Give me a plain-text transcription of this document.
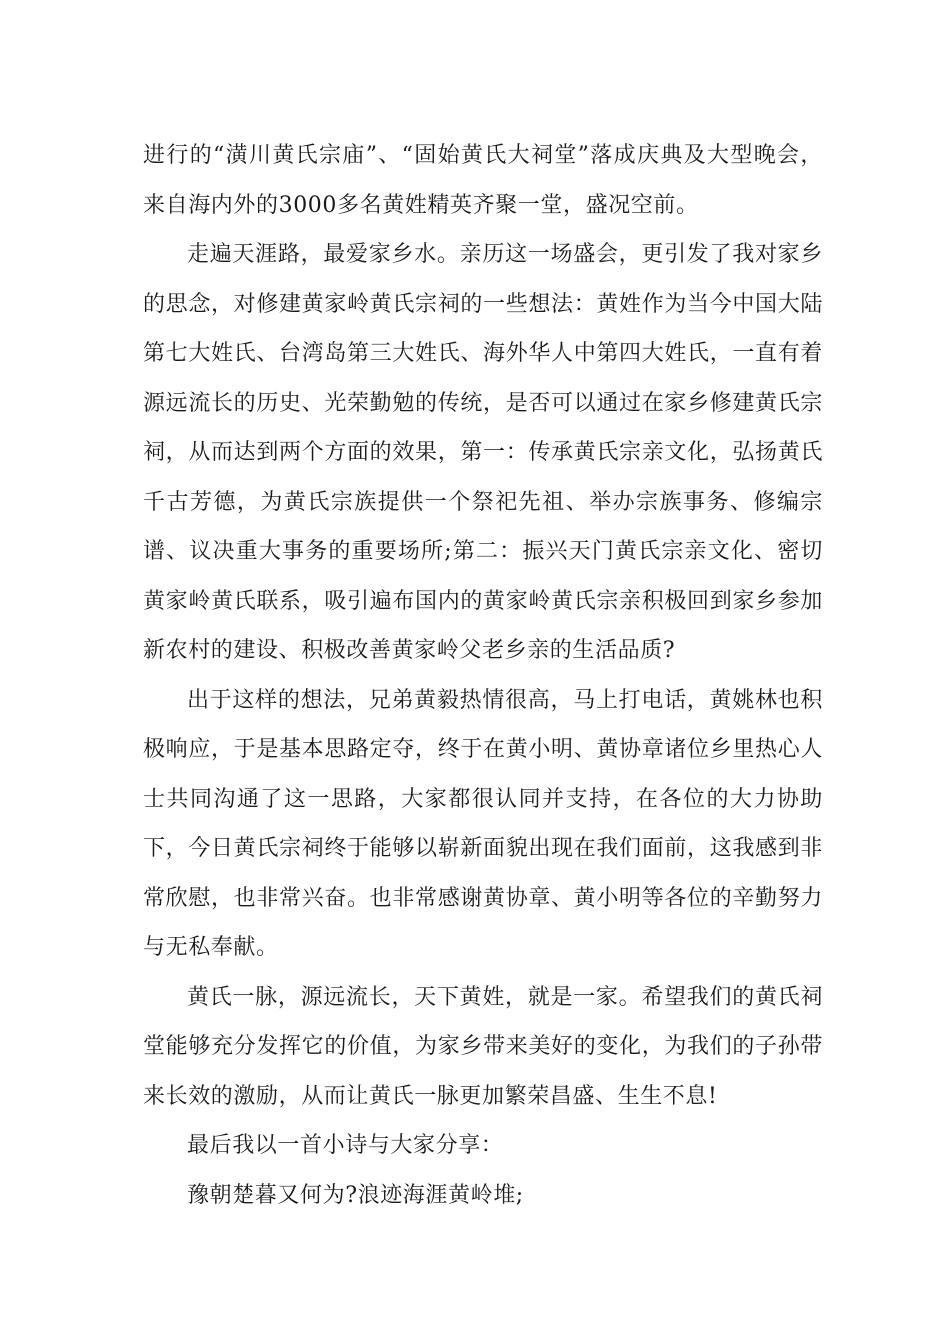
进行的“潢川黄氏宗庙”、“固始黄氏大祠堂”落成庆典及大型晚会，来自海内外的3000多名黄姓精英齐聚一堂，盛况空前。

走遍天涯路，最爱家乡水。亲历这一场盛会，更引发了我对家乡的思念，对修建黄家岭黄氏宗祠的一些想法：黄姓作为当今中国大陆第七大姓氏、台湾岛第三大姓氏、海外华人中第四大姓氏，一直有着源远流长的历史、光荣勤勉的传统，是否可以通过在家乡修建黄氏宗祠，从而达到两个方面的效果，第一：传承黄氏宗亲文化，弘扬黄氏千古芳德，为黄氏宗族提供一个祭祀先祖、举办宗族事务、修编宗谱、议决重大事务的重要场所;第二：振兴天门黄氏宗亲文化、密切黄家岭黄氏联系，吸引遍布国内的黄家岭黄氏宗亲积极回到家乡参加新农村的建设、积极改善黄家岭父老乡亲的生活品质?

出于这样的想法，兄弟黄毅热情很高，马上打电话，黄姚林也积极响应，于是基本思路定夺，终于在黄小明、黄协章诸位乡里热心人士共同沟通了这一思路，大家都很认同并支持，在各位的大力协助下，今日黄氏宗祠终于能够以崭新面貌出现在我们面前，这我感到非常欣慰，也非常兴奋。也非常感谢黄协章、黄小明等各位的辛勤努力与无私奉献。

黄氏一脉，源远流长，天下黄姓，就是一家。希望我们的黄氏祠堂能够充分发挥它的价值，为家乡带来美好的变化，为我们的子孙带来长效的激励，从而让黄氏一脉更加繁荣昌盛、生生不息!

最后我以一首小诗与大家分享：

豫朝楚暮又何为?浪迹海涯黄岭堆;
